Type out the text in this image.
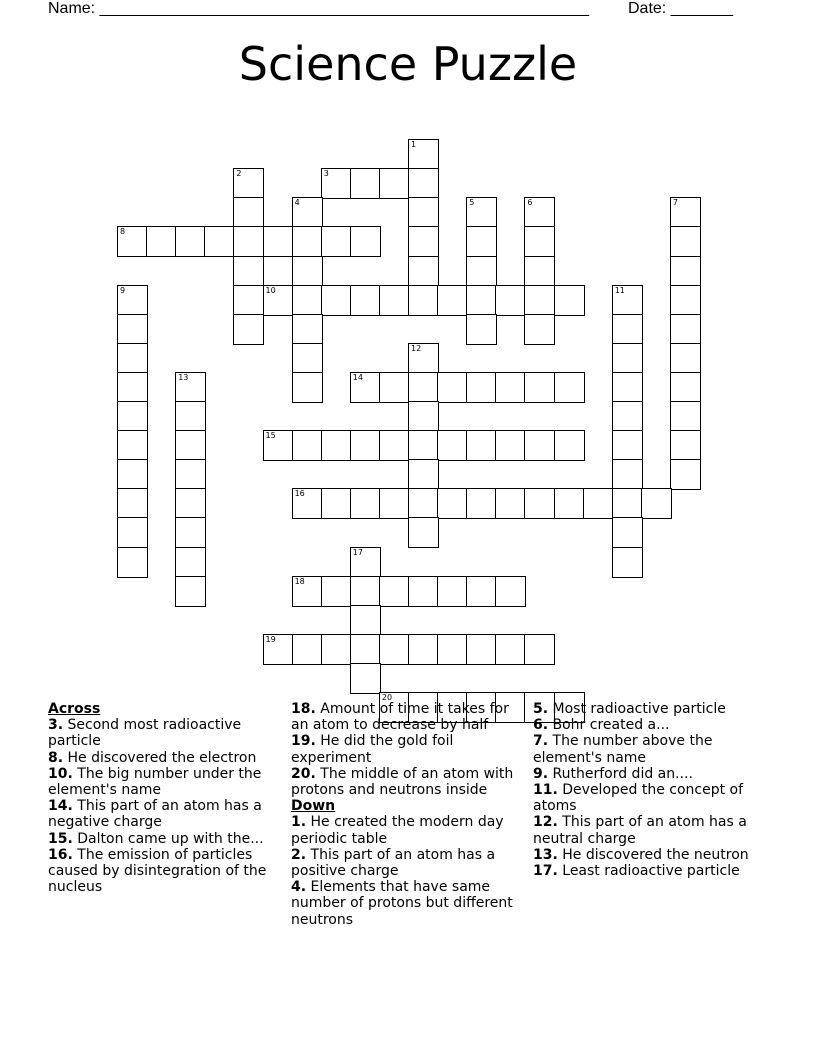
Name: _______________________________________________________ Date: _______
Science Puzzle
1
2	3
4	5	6	7
8
9	10	11
12
13	14
15
16
17
18
19
20
Across
3. Second most radioactive particle
8. He discovered the electron
10. The big number under the element's name
14. This part of an atom has a negative charge
15. Dalton came up with the...
16. The emission of particles caused by disintegration of the nucleus
18. Amount of time it takes for an atom to decrease by half
19. He did the gold foil experiment
20. The middle of an atom with protons and neutrons inside
Down
1. He created the modern day periodic table
2. This part of an atom has a positive charge
4. Elements that have same number of protons but different neutrons
5. Most radioactive particle
6. Bohr created a...
7. The number above the element's name
9. Rutherford did an....
11. Developed the concept of atoms
12. This part of an atom has a neutral charge
13. He discovered the neutron
17. Least radioactive particle
